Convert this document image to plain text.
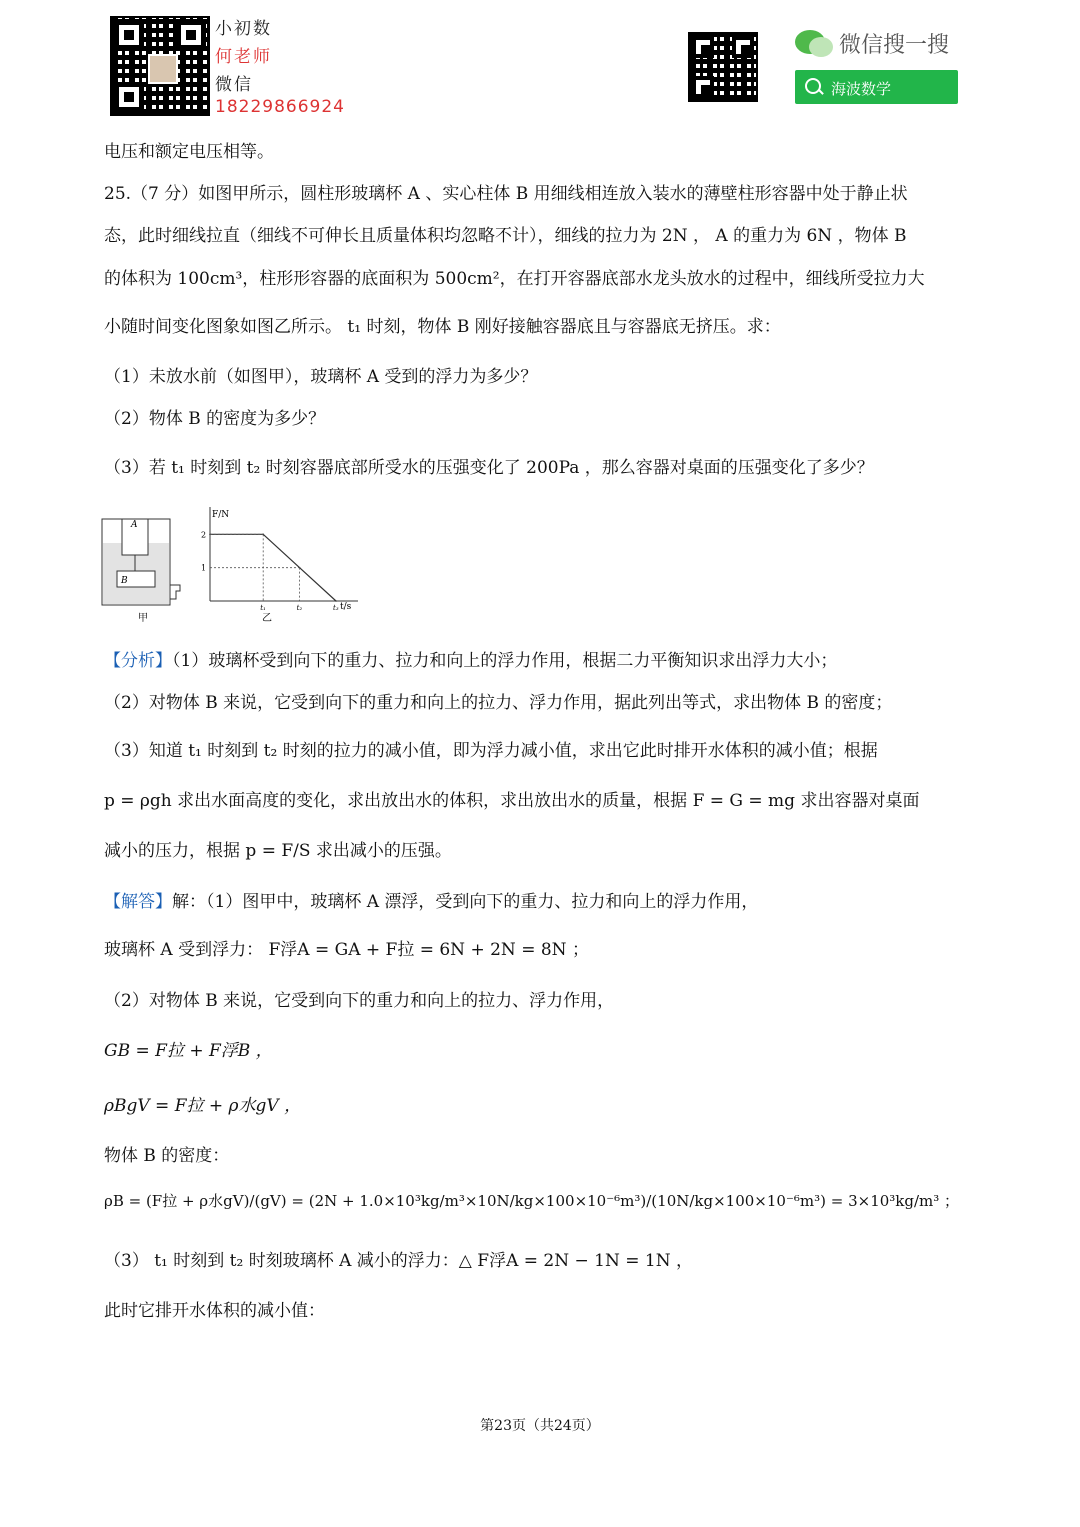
小初数
何老师
微信
18229866924
微信搜一搜
海波数学
电压和额定电压相等。
25.（7 分）如图甲所示，圆柱形玻璃杯 A 、实心柱体 B 用细线相连放入装水的薄壁柱形容器中处于静止状
态，此时细线拉直（细线不可伸长且质量体积均忽略不计），细线的拉力为 2N ， A 的重力为 6N ，物体 B
的体积为 100cm³，柱形形容器的底面积为 500cm²，在打开容器底部水龙头放水的过程中，细线所受拉力大
小随时间变化图象如图乙所示。 t₁ 时刻，物体 B 刚好接触容器底且与容器底无挤压。求：
（1）未放水前（如图甲），玻璃杯 A 受到的浮力为多少？
（2）物体 B 的密度为多少？
（3）若 t₁ 时刻到 t₂ 时刻容器底部所受水的压强变化了 200Pa ，那么容器对桌面的压强变化了多少？
A
B
甲
F/N
t/s
乙
2
1
t₁	t₂	t₃
【分析】（1）玻璃杯受到向下的重力、拉力和向上的浮力作用，根据二力平衡知识求出浮力大小；
（2）对物体 B 来说，它受到向下的重力和向上的拉力、浮力作用，据此列出等式，求出物体 B 的密度；
（3）知道 t₁ 时刻到 t₂ 时刻的拉力的减小值，即为浮力减小值，求出它此时排开水体积的减小值；根据
p = ρgh 求出水面高度的变化，求出放出水的体积，求出放出水的质量，根据 F = G = mg 求出容器对桌面
减小的压力，根据 p = F/S 求出减小的压强。
【解答】解：（1）图甲中，玻璃杯 A 漂浮，受到向下的重力、拉力和向上的浮力作用，
玻璃杯 A 受到浮力： F浮A = GA + F拉 = 6N + 2N = 8N ；
（2）对物体 B 来说，它受到向下的重力和向上的拉力、浮力作用，
GB = F拉 + F浮B ，
ρBgV = F拉 + ρ水gV ，
物体 B 的密度：
ρB = (F拉 + ρ水gV)/(gV) = (2N + 1.0×10³kg/m³×10N/kg×100×10⁻⁶m³)/(10N/kg×100×10⁻⁶m³) = 3×10³kg/m³ ；
（3） t₁ 时刻到 t₂ 时刻玻璃杯 A 减小的浮力：△ F浮A = 2N − 1N = 1N ，
此时它排开水体积的减小值：
第23页（共24页）
